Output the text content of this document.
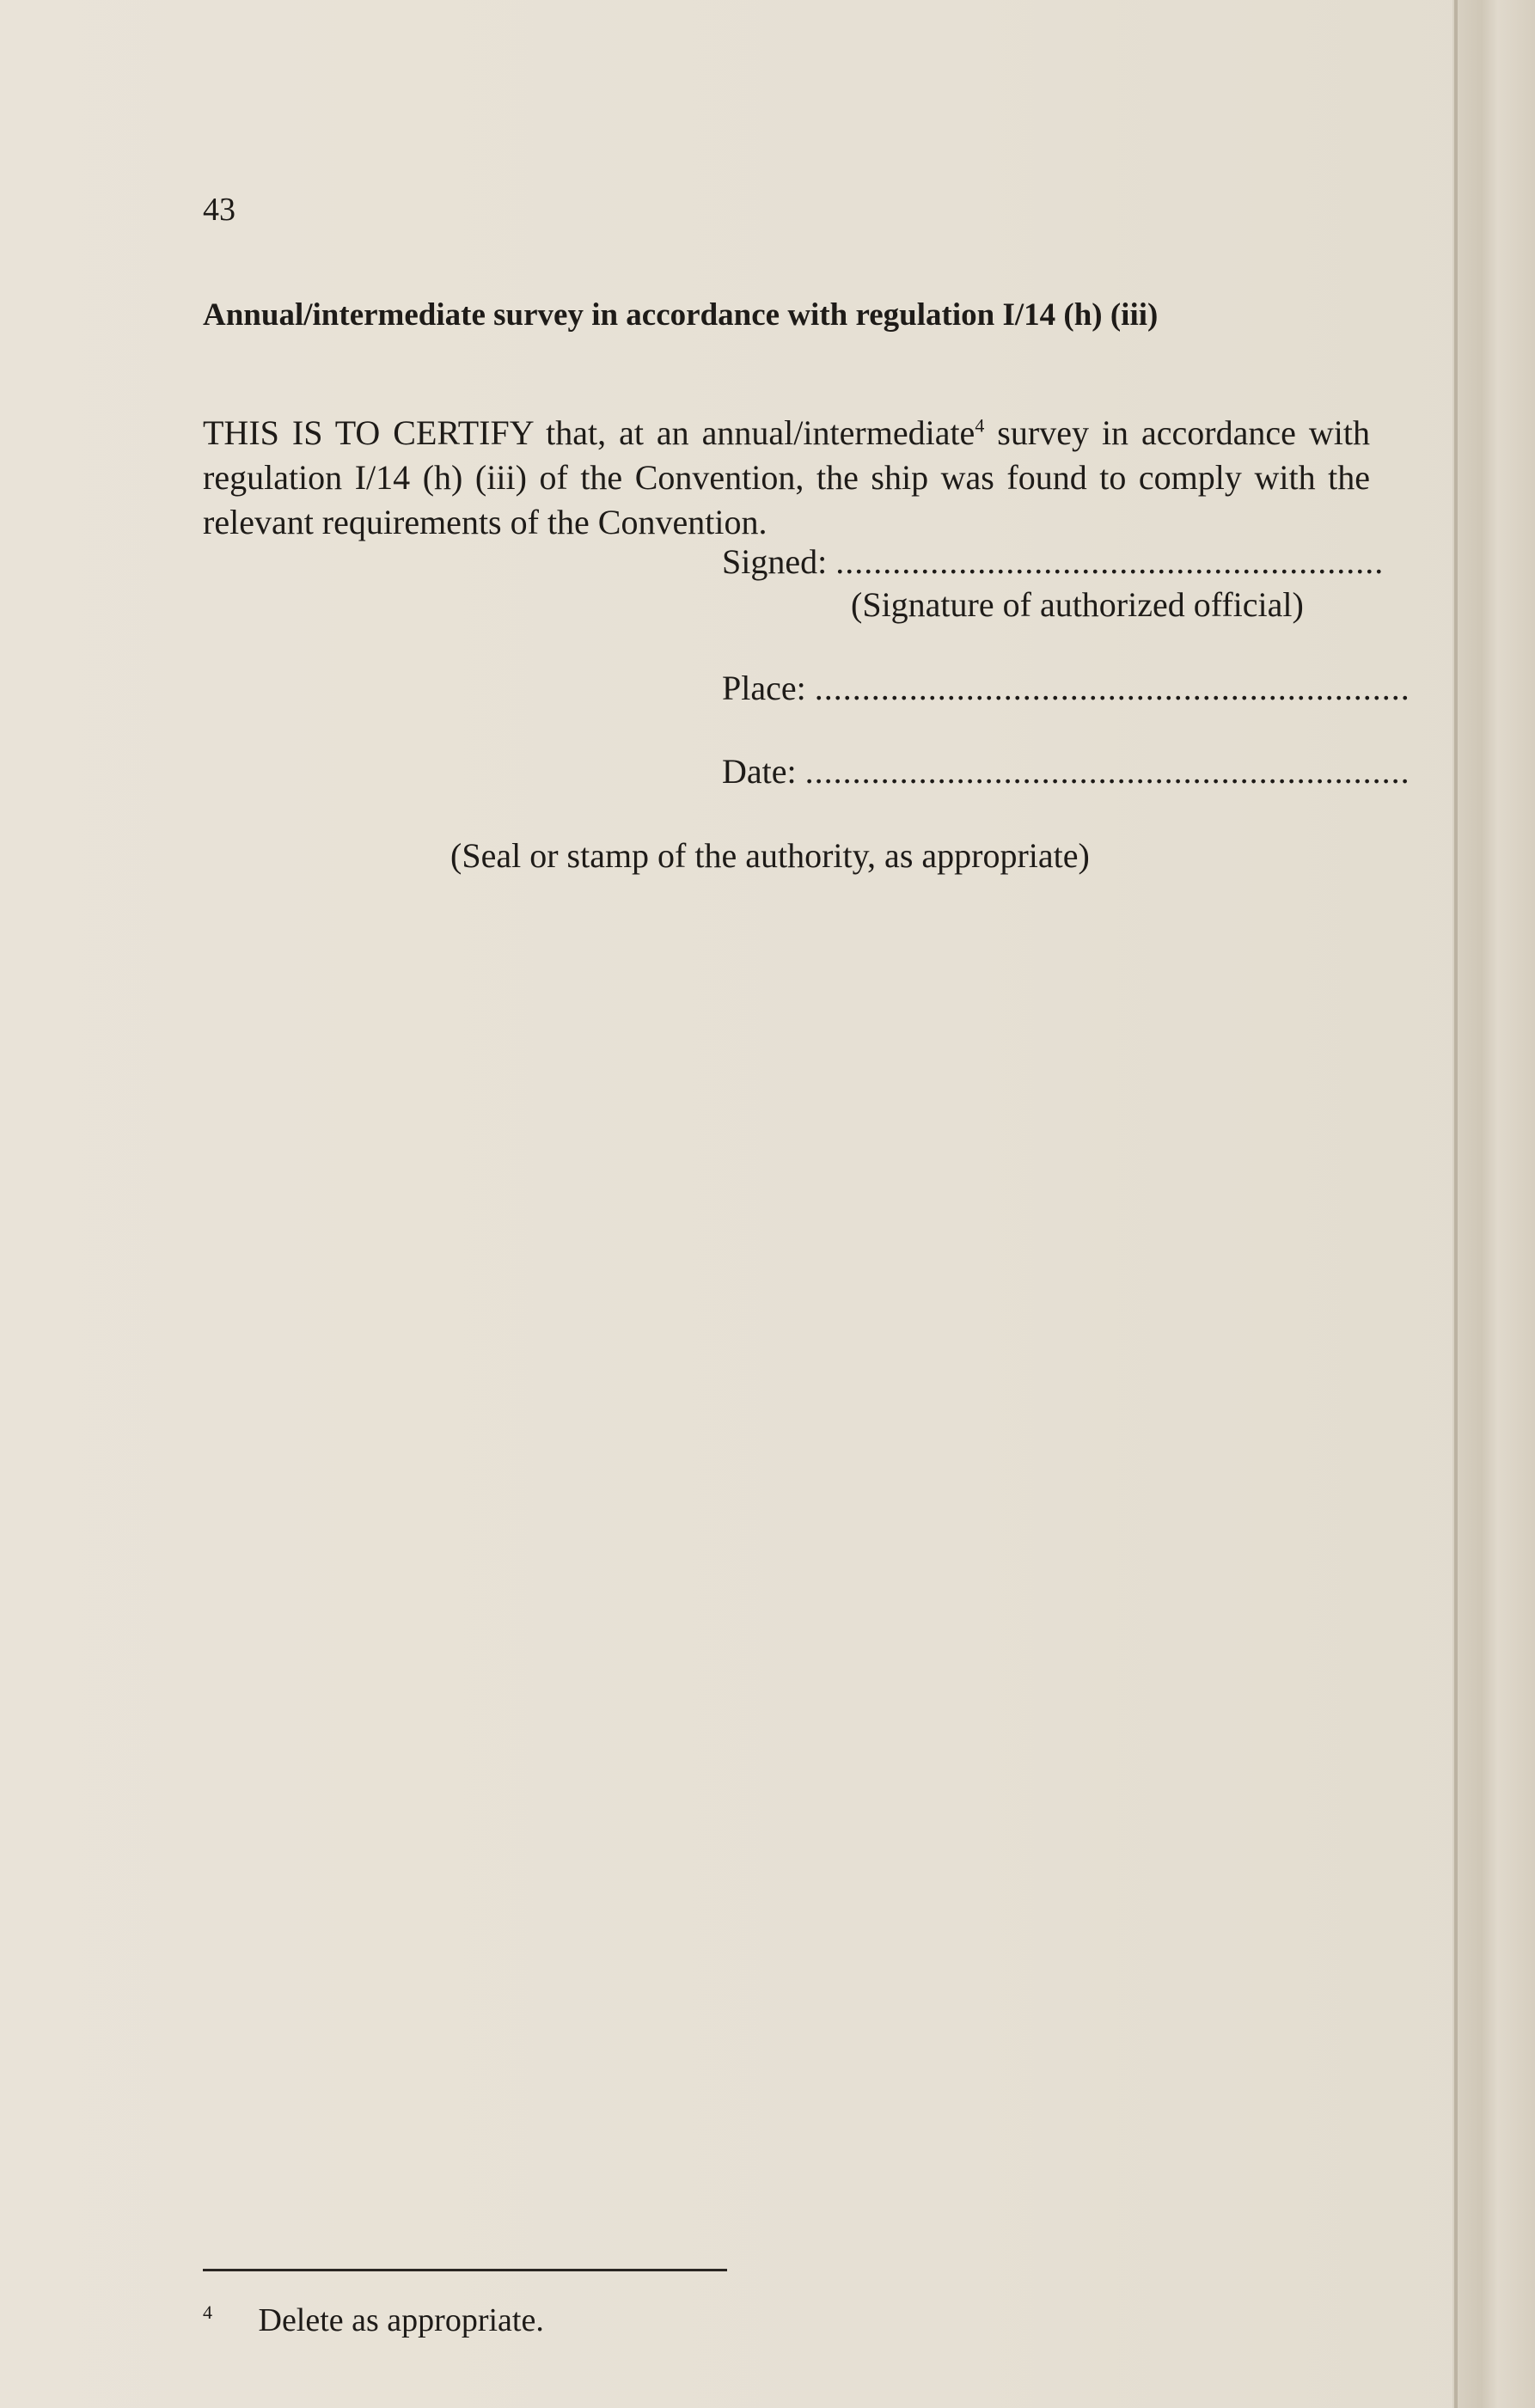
43
Annual/intermediate survey in accordance with regulation I/14 (h) (iii)

THIS IS TO CERTIFY that, at an annual/intermediate$^4$ survey in accordance with regulation I/14 (h) (iii) of the Convention, the ship was found to comply with the relevant requirements of the Convention.

Signed: ..........................................................
(Signature of authorized official)
Place: ...............................................................
Date: ................................................................
(Seal or stamp of the authority, as appropriate)
$^4$ Delete as appropriate.
